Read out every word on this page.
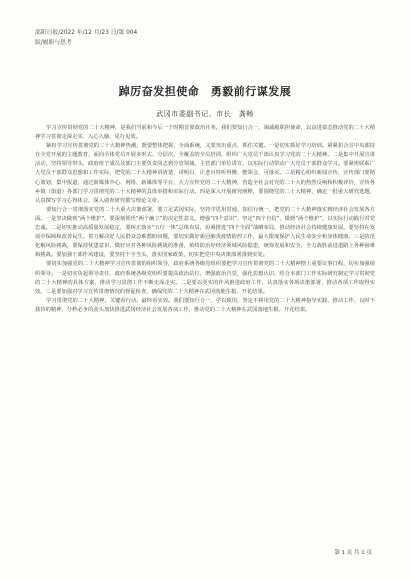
邵阳日报/2022 年/12 月/23 日/第 004
版/履职与思考
踔厉奋发担使命　勇毅前行谋发展
武冈市委副书记、市长　龚畅

学习宣传贯彻党的二十大精神，是我们当前和今后一个时期首要政治任务。我们要知行合一，竭诚履职担使命，以奋进姿态推动党的二十大精神学习贯彻走深走实、入心入脑、见行见效。

紧扣学习宣传贯彻党的二十大精神热潮，既要整体把握，全面系统，又要突出重点、抓住关键。一是切实抓好学习培训。紧紧扣合宣中央部持在全党开展的主题教育，面向全体党员开展多形式、分层次、全覆盖的全员培训，组织广大党员干部认真学习党的二十大精神。二是集中开展宣讲活动，坚持领导带头，政府班子成员及部门主要负责同志到分管领域、主管部门单位讲宣，以实际行动带动广大党员干部群众学习。要紧密联系广大党员干部群众思想和工作实际，把党的二十大精神讲清楚、讲明白，让老百姓听得懂、能领会、可落实。三是精心组织新闻宣传，宣传部门要精心策划，集中报道，通过新媒体中心、网络、新媒体等平台，大力宣传党的二十大精神，营造全社会对党的二十大的热烈反响和积极评价，宣传各乡镇（街道）各部门学习贯彻党的二十大精神的具体举措和实际行动。四是深入开展研究阐释，要围绕党的二十大精神，确定一批重大研究选题，认真撰写学习心得体会，深入调查研究撰写理论文章。

要知行合一贯彻落实党的二十大重大决策部署，要立足武冈实际，坚持学思用贯通、知信行统一，把党的二十大精神落实到经济社会发展各方面。一是坚决做到“两个维护”。要深刻领悟“两个确立”的决定性意义，增强“四个意识”、坚定“四个自信”，做到“两个维护”，以实际行动践行对党忠诚。二是切实推动高质量发展稳定，要纠正落实“五位一体”总体布局，协调推进“四个全面”战略布局，推动经济社会持续健康发展。要坚持在发展中保障和改善民生。着力解决好人民群众急难愁盼问题，要切实做好新冠肺炎疫情防控工作，最大限度保护人民生命安全和身体健康。三是防范化解风险挑战，要保持忧患意识，做好应对各种风险挑战的准备，始终防治好经济领域风险隐患，统筹发展和安全，全力战胜前进道路上各种困难和挑战。要加强干部作风建设，要坚持干字当头，落实国家政策，切实把党中央决策部署落到实处。

要切实加强党的二十大精神学习宣传贯彻的组织领导，政府系统各级党组织要把学习宣传贯彻党的二十大精神摆上重要议事日程，切实加强组织领导。一是切实负起领导责任，政府系统各级党组织要提高政治站位，增强政治自觉，强化思想认识，结合本部门工作实际研究制定学习贯彻党的二十大精神的具体方案，推动学习贯彻工作不断走深走实。二是要以更实的作风推进政府工作，认真落实各项决策部署，推动各项工作取得实效。三是要加强对学习宣传贯彻情况的督促检查，确保党的二十大精神在武冈落地生根、开花结果。

学习贯彻党的二十大精神，关键看行动，最终看实效。我们要知行合一，学以致用，坚定不移用党的二十大精神指导实践、推动工作，以时不我待的精神、分秒必争的劲头加快推进武冈经济社会发展各项工作，推动党的二十大精神在武冈落地生根、开花结果。

第 1 页 共 1 页
